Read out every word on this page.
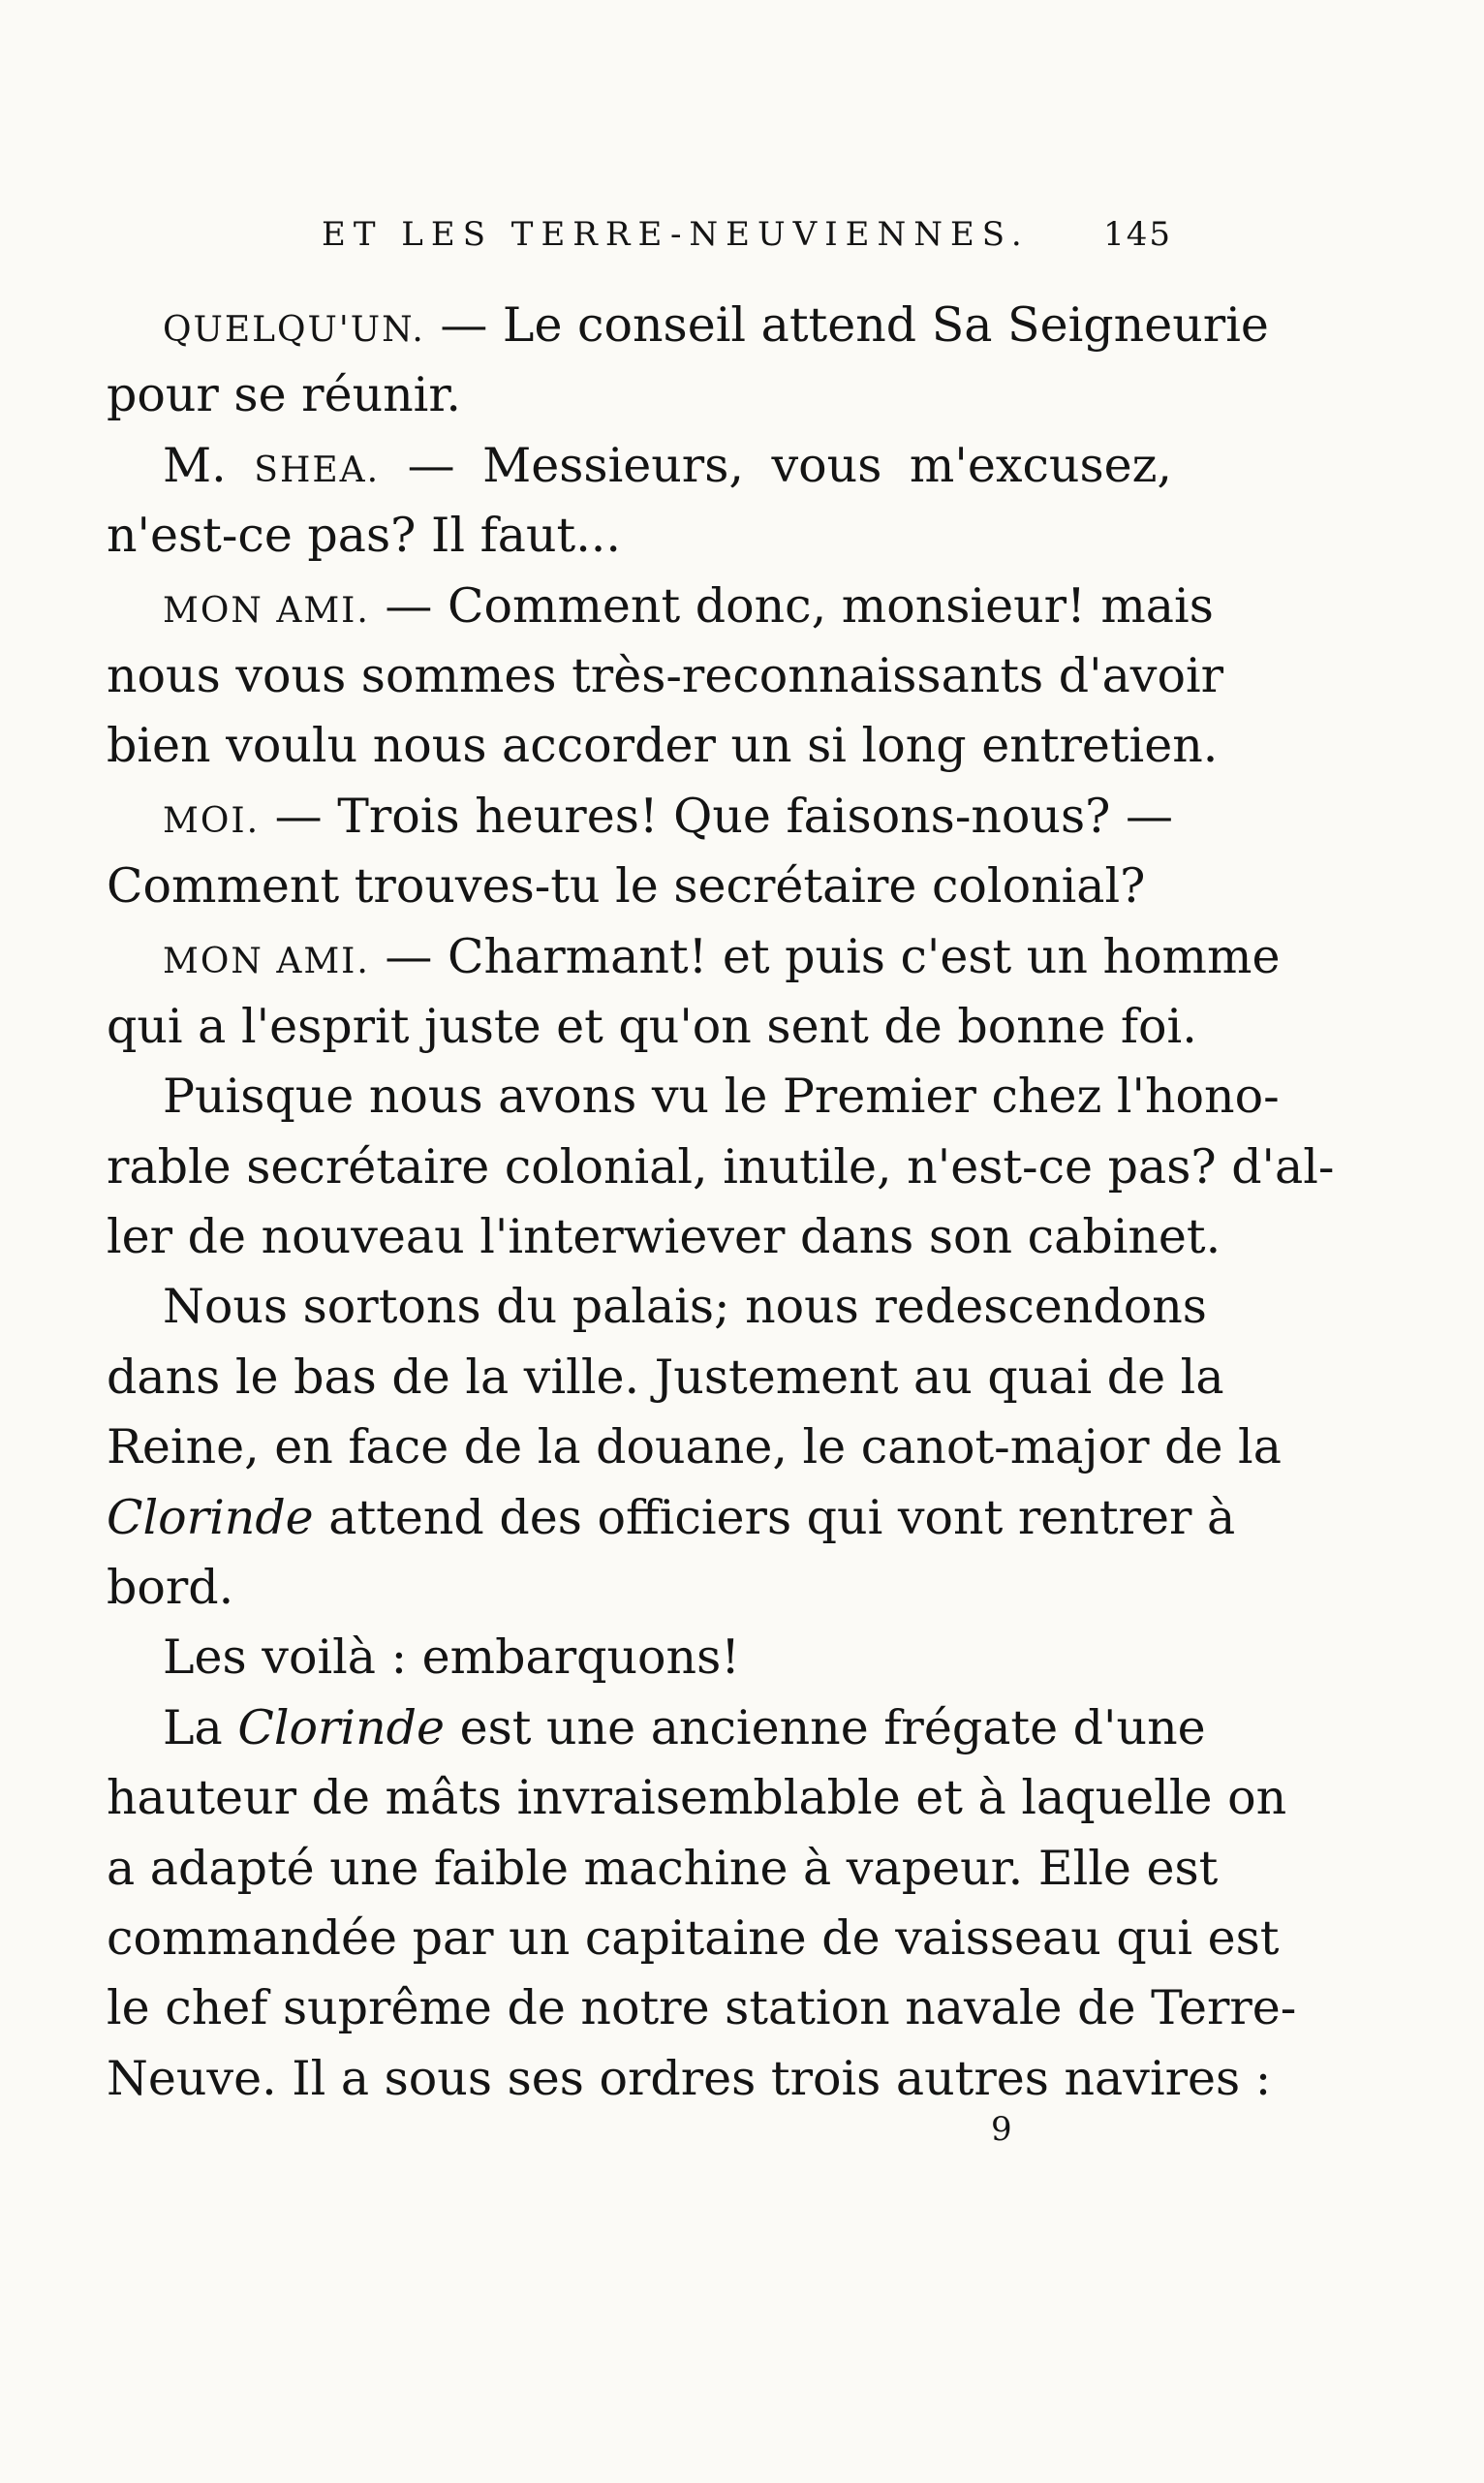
ET LES TERRE-NEUVIENNES. 145
QUELQU'UN. — Le conseil attend Sa Seigneurie
pour se réunir.
M. SHEA. — Messieurs, vous m'excusez,
n'est-ce pas? Il faut...
MON AMI. — Comment donc, monsieur! mais
nous vous sommes très-reconnaissants d'avoir
bien voulu nous accorder un si long entretien.
MOI. — Trois heures! Que faisons-nous? —
Comment trouves-tu le secrétaire colonial?
MON AMI. — Charmant! et puis c'est un homme
qui a l'esprit juste et qu'on sent de bonne foi.
Puisque nous avons vu le Premier chez l'hono-
rable secrétaire colonial, inutile, n'est-ce pas? d'al-
ler de nouveau l'interwiever dans son cabinet.
Nous sortons du palais; nous redescendons
dans le bas de la ville. Justement au quai de la
Reine, en face de la douane, le canot-major de la
Clorinde attend des officiers qui vont rentrer à
bord.
Les voilà : embarquons!
La Clorinde est une ancienne frégate d'une
hauteur de mâts invraisemblable et à laquelle on
a adapté une faible machine à vapeur. Elle est
commandée par un capitaine de vaisseau qui est
le chef suprême de notre station navale de Terre-
Neuve. Il a sous ses ordres trois autres navires :
9
